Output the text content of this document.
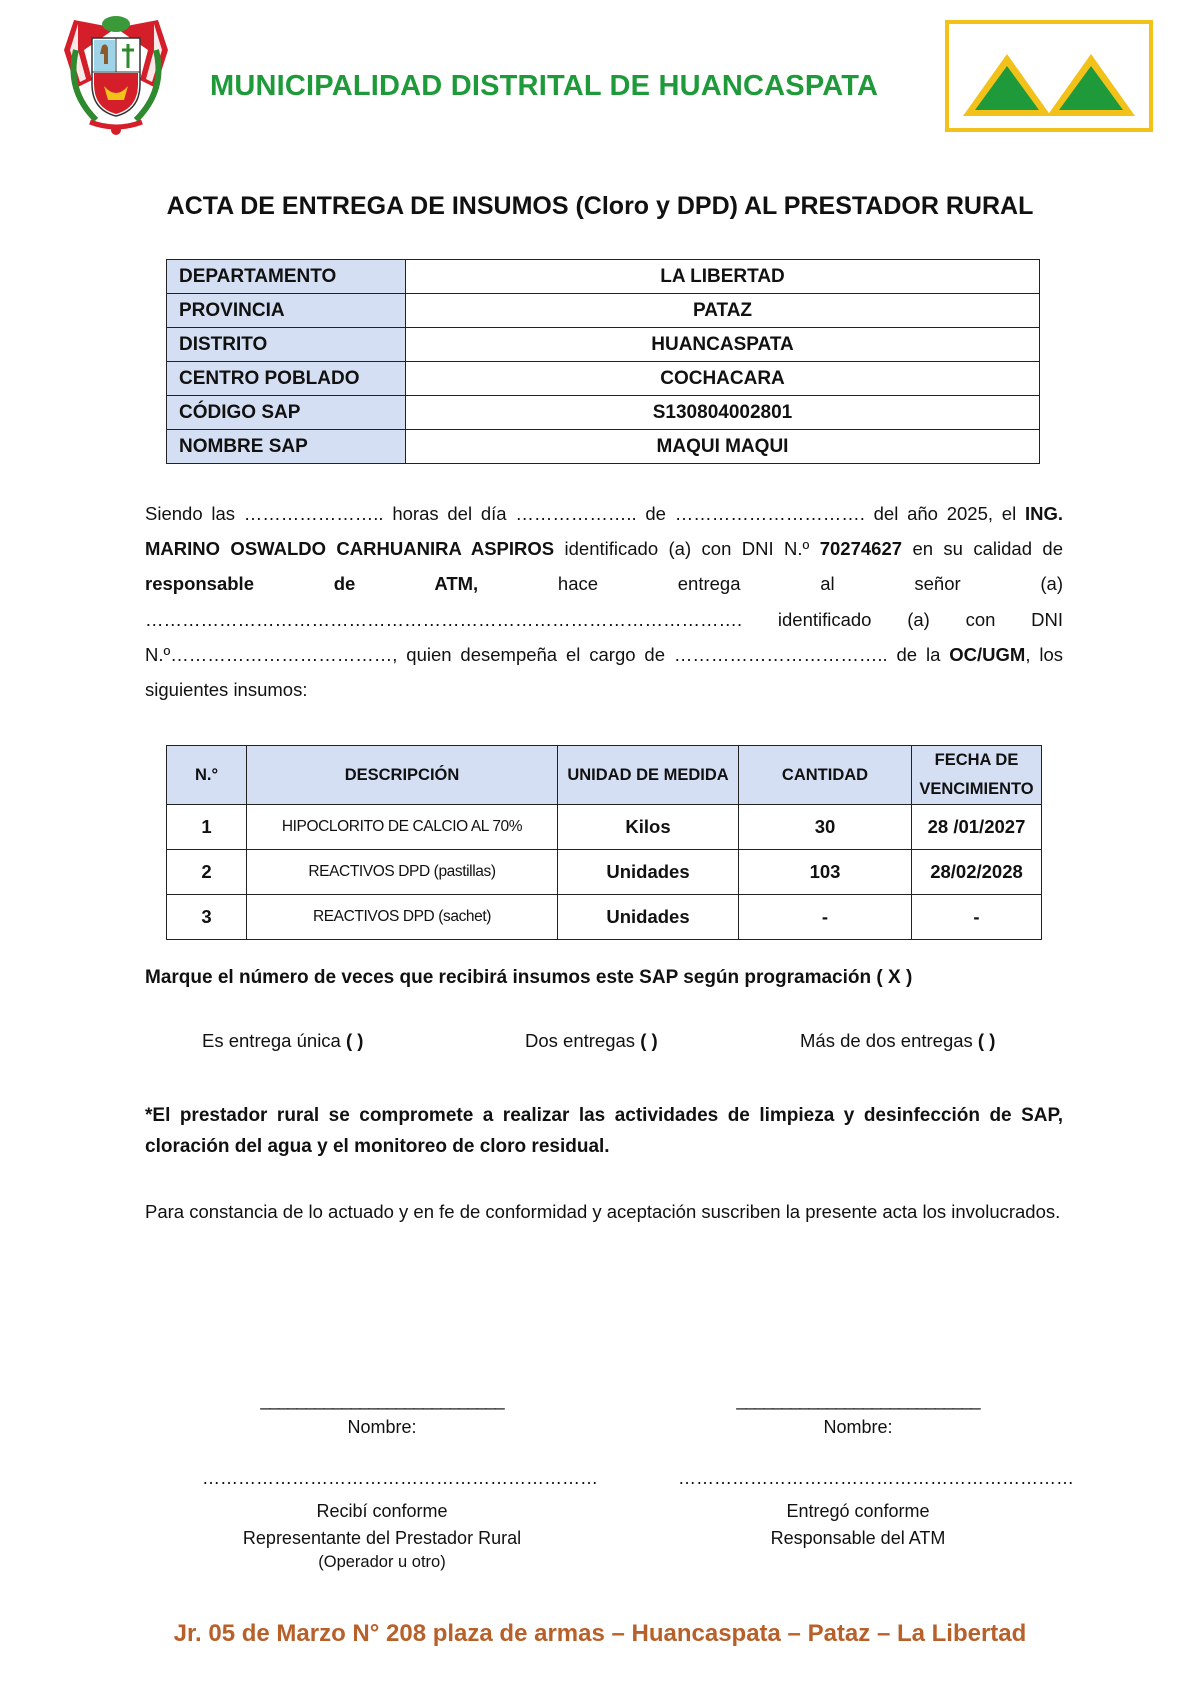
MUNICIPALIDAD DISTRITAL DE HUANCASPATA
ACTA DE ENTREGA DE INSUMOS (Cloro y DPD) AL PRESTADOR RURAL
DEPARTAMENTO	LA LIBERTAD
PROVINCIA	PATAZ
DISTRITO	HUANCASPATA
CENTRO POBLADO	COCHACARA
CÓDIGO SAP	S130804002801
NOMBRE SAP	MAQUI MAQUI
Siendo las ………………….. horas del día ……………….. de …………………………. del año 2025, el ING. MARINO OSWALDO CARHUANIRA ASPIROS identificado (a) con DNI N.º 70274627 en su calidad de responsable de ATM, hace entrega al señor (a) ……………………………………………………………………………………. identificado (a) con DNI N.º………………………………, quien desempeña el cargo de …………………………….. de la OC/UGM, los siguientes insumos:
N.°	DESCRIPCIÓN	UNIDAD DE MEDIDA	CANTIDAD	FECHA DE VENCIMIENTO
1	HIPOCLORITO DE CALCIO AL 70%	Kilos	30	28 /01/2027
2	REACTIVOS DPD (pastillas)	Unidades	103	28/02/2028
3	REACTIVOS DPD (sachet)	Unidades	-	-
Marque el número de veces que recibirá insumos este SAP según programación ( X )
Es entrega única ( )	Dos entregas ( )	Más de dos entregas ( )
*El prestador rural se compromete a realizar las actividades de limpieza y desinfección de SAP, cloración del agua y el monitoreo de cloro residual.
Para constancia de lo actuado y en fe de conformidad y aceptación suscriben la presente acta los involucrados.
___________________________
Nombre:
…………………………………………………………
Recibí conforme
Representante del Prestador Rural
(Operador u otro)
___________________________
Nombre:
…………………………………………………………
Entregó conforme
Responsable del ATM
Jr. 05 de Marzo N° 208 plaza de armas – Huancaspata – Pataz – La Libertad
